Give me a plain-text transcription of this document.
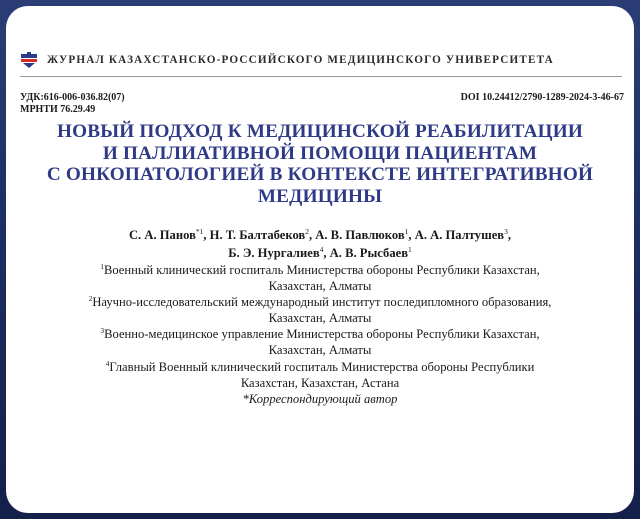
ЖУРНАЛ КАЗАХСТАНСКО-РОССИЙСКОГО МЕДИЦИНСКОГО УНИВЕРСИТЕТА
УДК:616-006-036.82(07)
МРНТИ 76.29.49
DOI 10.24412/2790-1289-2024-3-46-67
НОВЫЙ ПОДХОД К МЕДИЦИНСКОЙ РЕАБИЛИТАЦИИ
И ПАЛЛИАТИВНОЙ ПОМОЩИ ПАЦИЕНТАМ
С ОНКОПАТОЛОГИЕЙ В КОНТЕКСТЕ ИНТЕГРАТИВНОЙ
МЕДИЦИНЫ
С. А. Панов$^{*1}$, Н. Т. Балтабеков$^2$, А. В. Павлюков$^1$, А. А. Палтушев$^3$,
Б. Э. Нургалиев$^4$, А. В. Рысбаев$^1$
$^1$Военный клинический госпиталь Министерства обороны Республики Казахстан,
Казахстан, Алматы
$^2$Научно-исследовательский международный институт последипломного образования,
Казахстан, Алматы
$^3$Военно-медицинское управление Министерства обороны Республики Казахстан,
Казахстан, Алматы
$^4$Главный Военный клинический госпиталь Министерства обороны Республики
Казахстан, Казахстан, Астана
*Корреспондирующий автор
